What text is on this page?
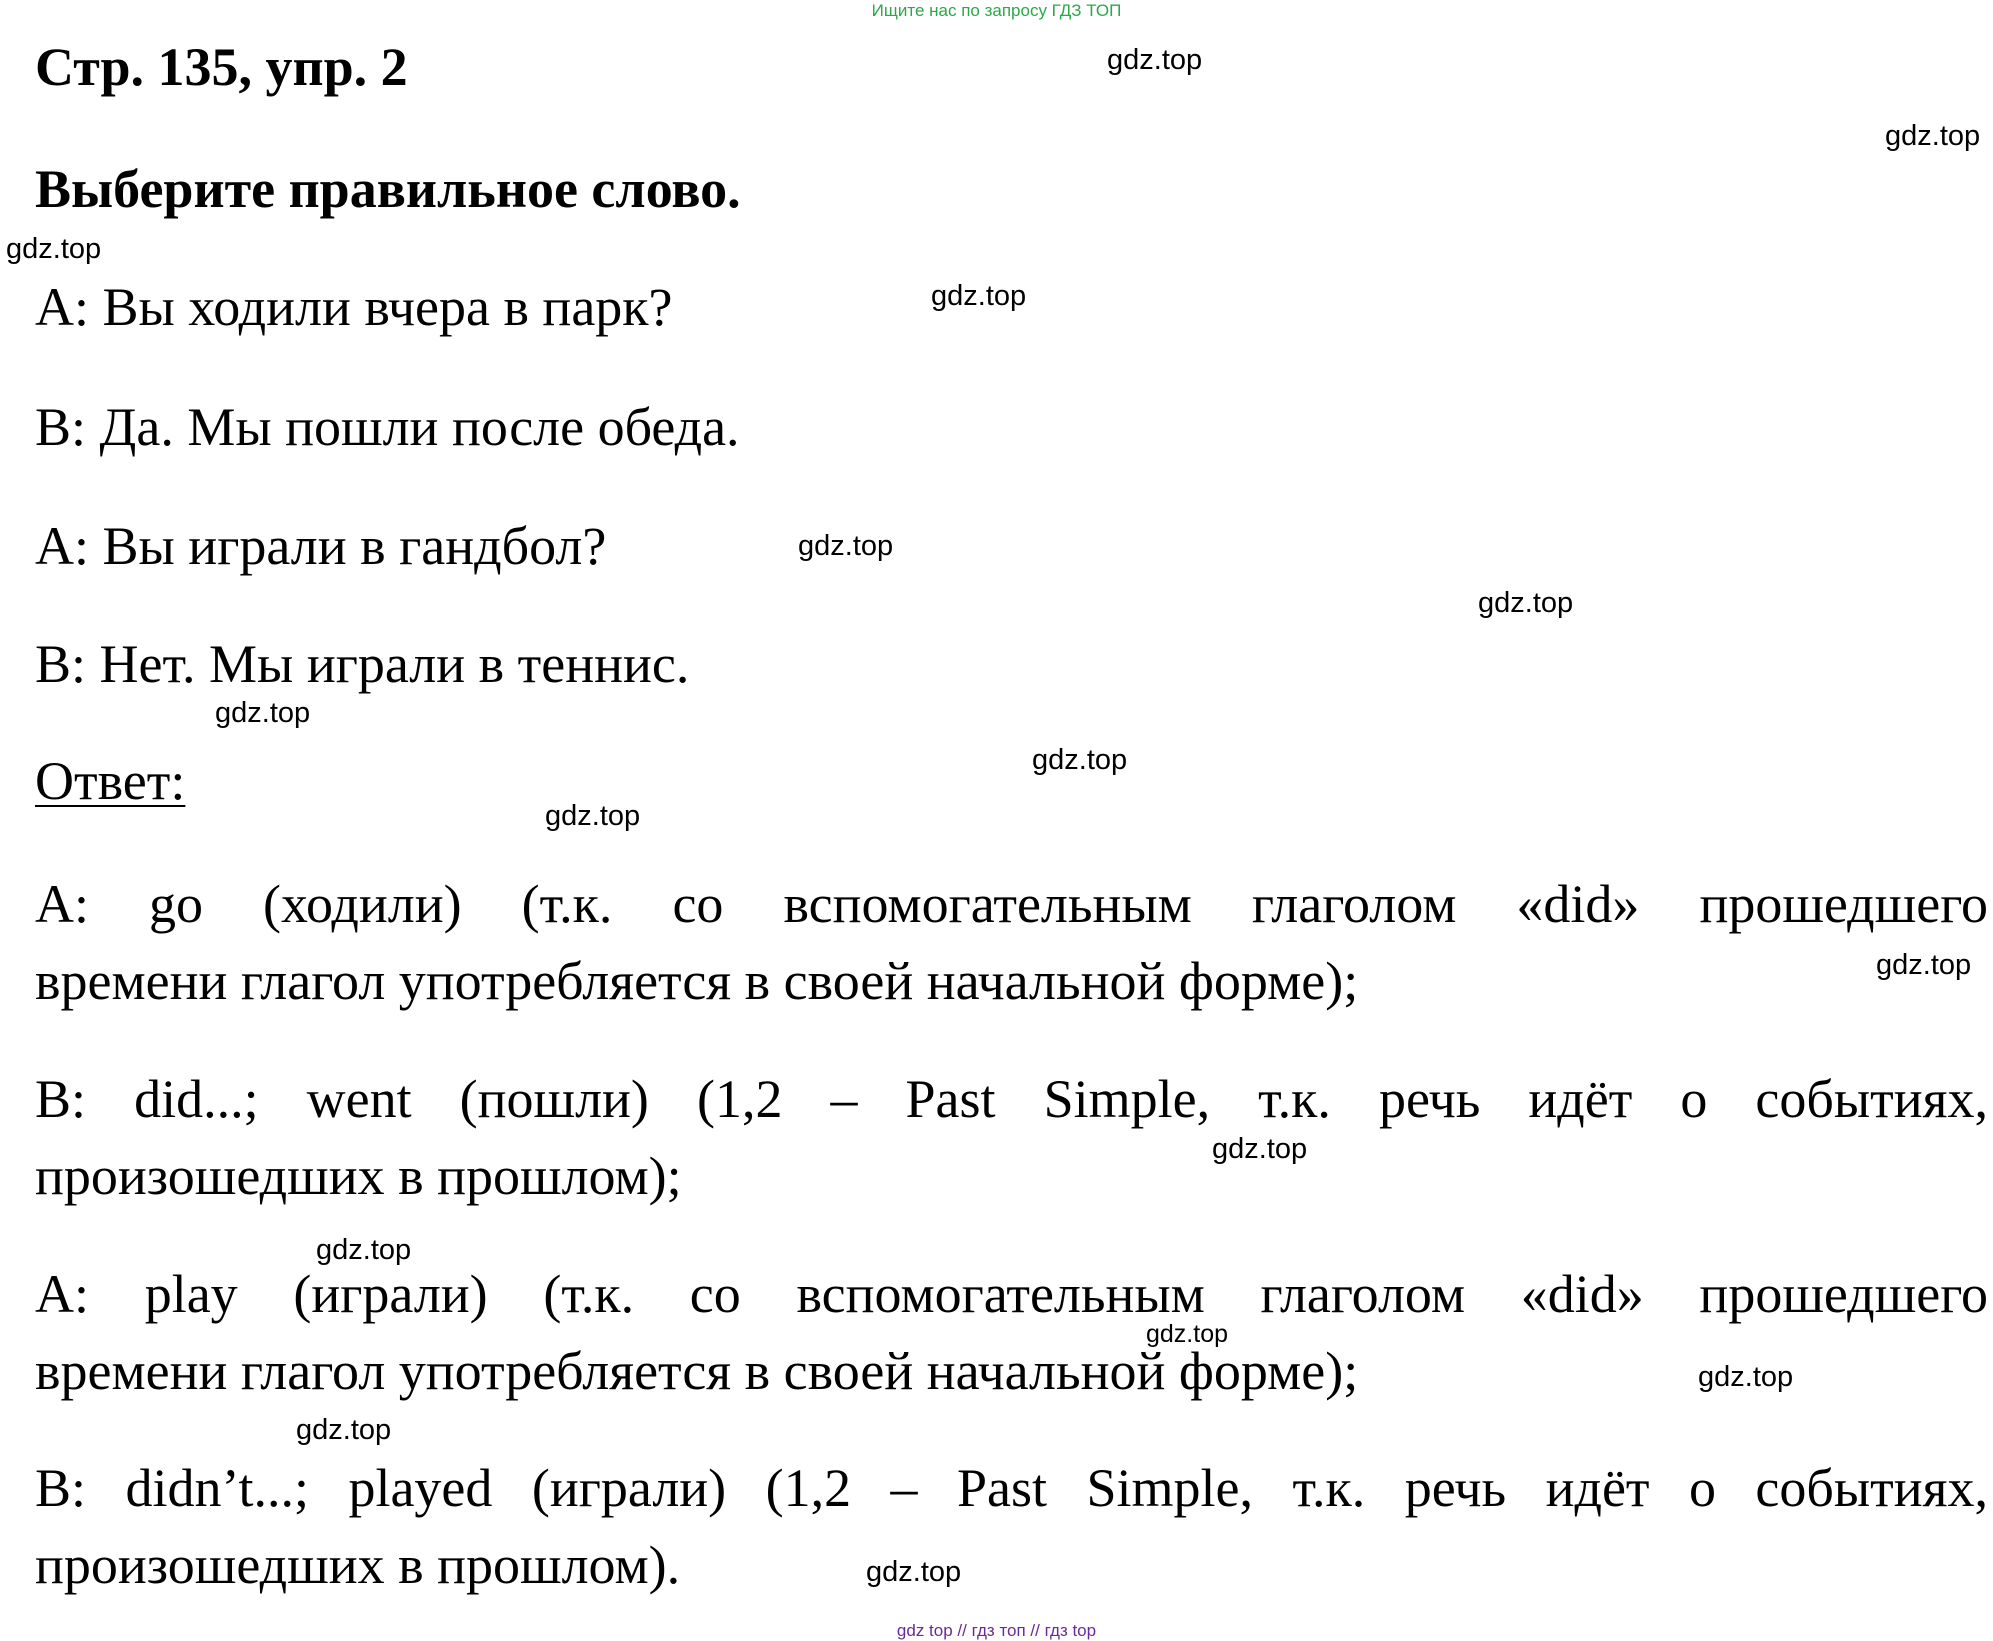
Ищите нас по запросу ГДЗ ТОП
gdz top // гдз топ // гдз top
Стр. 135, упр. 2
Выберите правильное слово.
A: Вы ходили вчера в парк?
B: Да. Мы пошли после обеда.
A: Вы играли в гандбол?
B: Нет. Мы играли в теннис.
Ответ:
A: go (ходили) (т.к. со вспомогательным глаголом «did» прошедшего
времени глагол употребляется в своей начальной форме);
B: did...; went (пошли) (1,2 – Past Simple, т.к. речь идёт о событиях,
произошедших в прошлом);
A: play (играли) (т.к. со вспомогательным глаголом «did» прошедшего
времени глагол употребляется в своей начальной форме);
B: didn’t...; played (играли) (1,2 – Past Simple, т.к. речь идёт о событиях,
произошедших в прошлом).
gdz.top
gdz.top
gdz.top
gdz.top
gdz.top
gdz.top
gdz.top
gdz.top
gdz.top
gdz.top
gdz.top
gdz.top
gdz.top
gdz.top
gdz.top
gdz.top
